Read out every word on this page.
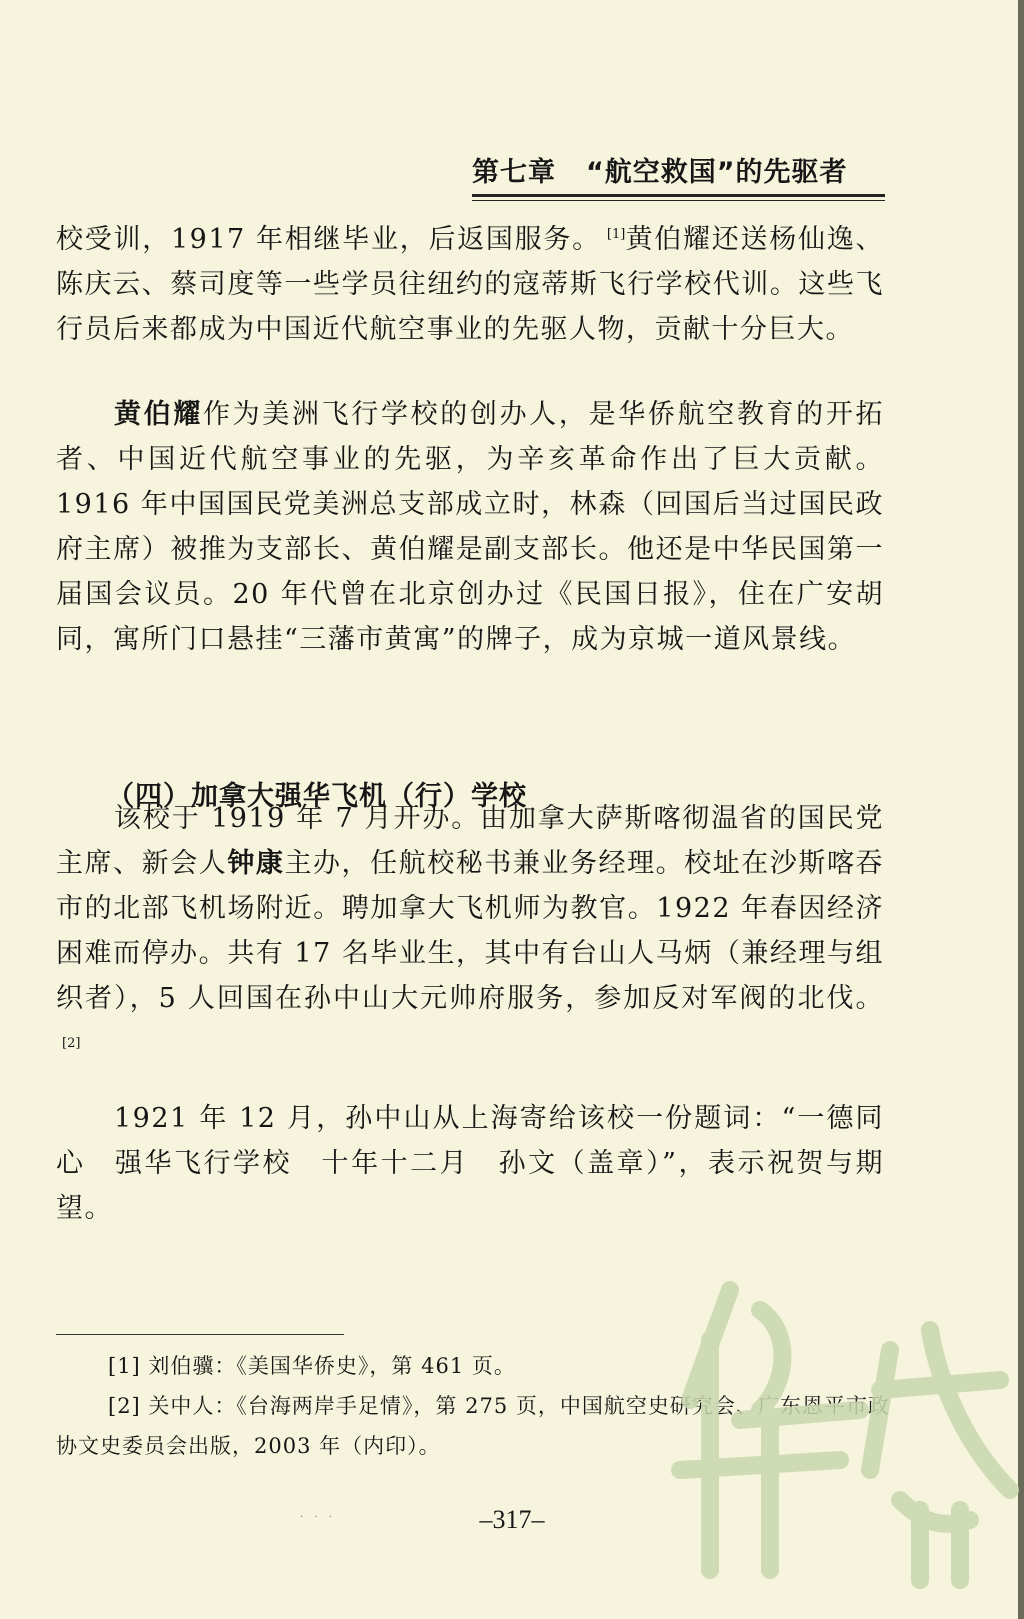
第七章 “航空救国”的先驱者

校受训，1917 年相继毕业，后返国服务。 [1]黄伯耀还送杨仙逸、陈庆云、蔡司度等一些学员往纽约的寇蒂斯飞行学校代训。这些飞行员后来都成为中国近代航空事业的先驱人物，贡献十分巨大。

黄伯耀作为美洲飞行学校的创办人，是华侨航空教育的开拓者、中国近代航空事业的先驱，为辛亥革命作出了巨大贡献。1916 年中国国民党美洲总支部成立时，林森（回国后当过国民政府主席）被推为支部长、黄伯耀是副支部长。他还是中华民国第一届国会议员。20 年代曾在北京创办过《民国日报》，住在广安胡同，寓所门口悬挂“三藩市黄寓”的牌子，成为京城一道风景线。

（四）加拿大强华飞机（行）学校

该校于 1919 年 7 月开办。由加拿大萨斯喀彻温省的国民党主席、新会人钟康主办，任航校秘书兼业务经理。校址在沙斯喀吞市的北部飞机场附近。聘加拿大飞机师为教官。1922 年春因经济困难而停办。共有 17 名毕业生，其中有台山人马炳（兼经理与组织者），5 人回国在孙中山大元帅府服务，参加反对军阀的北伐。[2]

1921 年 12 月，孙中山从上海寄给该校一份题词：“一德同心　强华飞行学校　十年十二月　孙文（盖章）”，表示祝贺与期望。

[1] 刘伯骥：《美国华侨史》，第 461 页。

[2] 关中人：《台海两岸手足情》，第 275 页，中国航空史研究会、广东恩平市政协文史委员会出版，2003 年（内印）。

· · ·	–317–
